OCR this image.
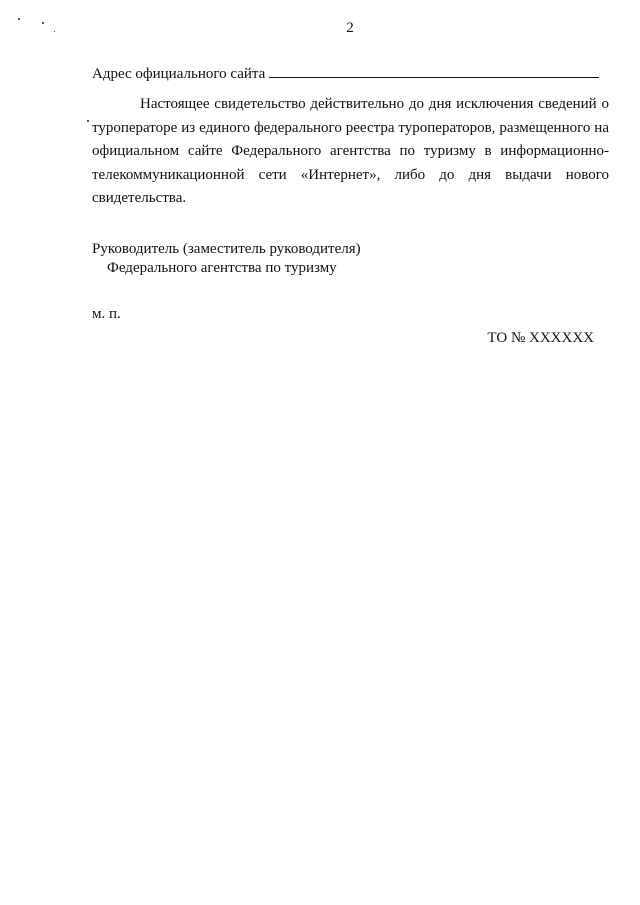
2
Адрес официального сайта

Настоящее свидетельство действительно до дня исключения сведений о туроператоре из единого федерального реестра туроператоров, размещенного на официальном сайте Федерального агентства по туризму в информационно-телекоммуникационной сети «Интернет», либо до дня выдачи нового свидетельства.

Руководитель (заместитель руководителя)
Федерального агентства по туризму
м. п.
ТО № XXXXXX
